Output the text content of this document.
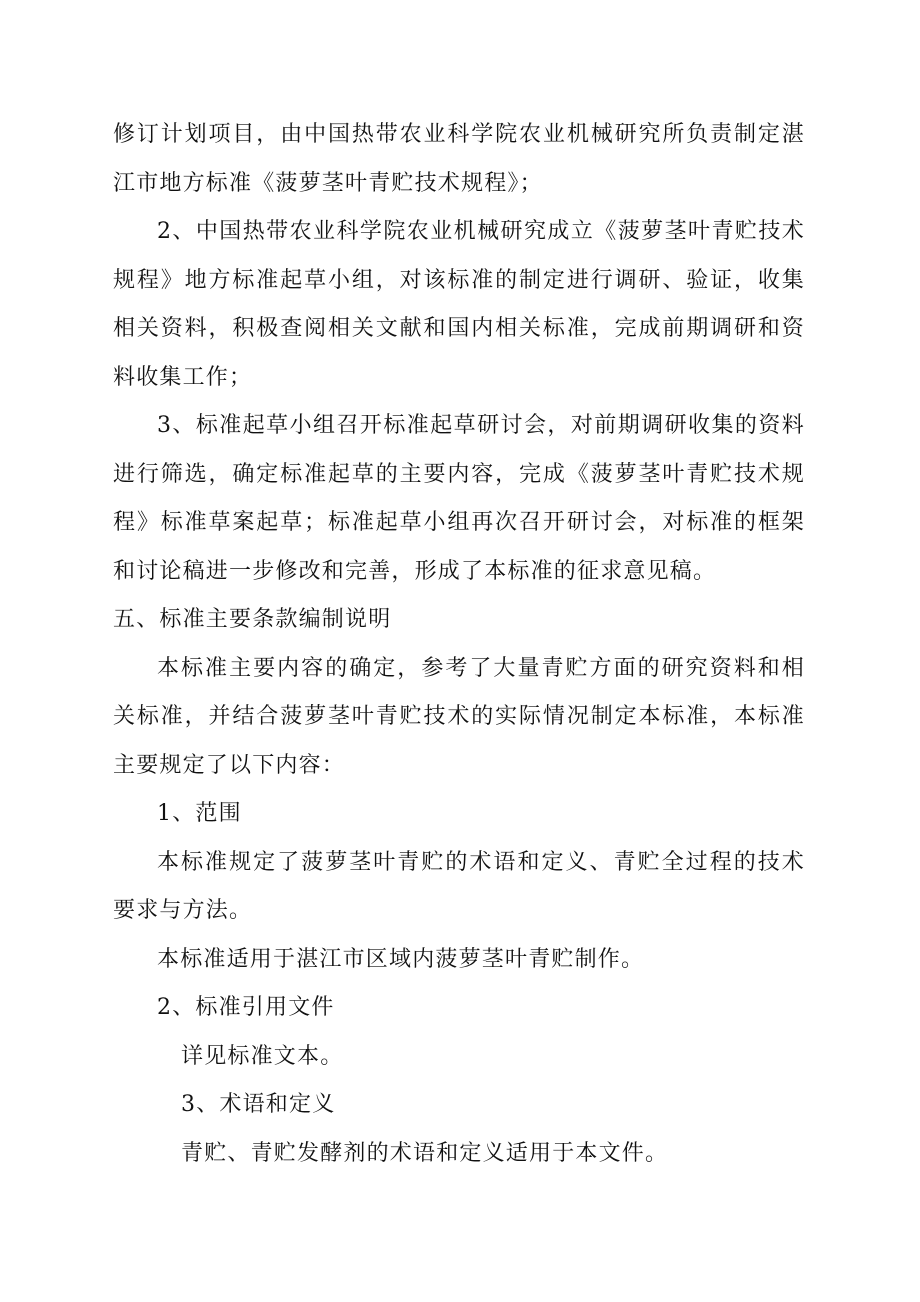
修订计划项目，由中国热带农业科学院农业机械研究所负责制定湛江市地方标准《菠萝茎叶青贮技术规程》；

2、中国热带农业科学院农业机械研究成立《菠萝茎叶青贮技术规程》地方标准起草小组，对该标准的制定进行调研、验证，收集相关资料，积极查阅相关文献和国内相关标准，完成前期调研和资料收集工作；

3、标准起草小组召开标准起草研讨会，对前期调研收集的资料进行筛选，确定标准起草的主要内容，完成《菠萝茎叶青贮技术规程》标准草案起草；标准起草小组再次召开研讨会，对标准的框架和讨论稿进一步修改和完善，形成了本标准的征求意见稿。

五、标准主要条款编制说明

本标准主要内容的确定，参考了大量青贮方面的研究资料和相关标准，并结合菠萝茎叶青贮技术的实际情况制定本标准，本标准主要规定了以下内容：

1、范围

本标准规定了菠萝茎叶青贮的术语和定义、青贮全过程的技术要求与方法。

本标准适用于湛江市区域内菠萝茎叶青贮制作。

2、标准引用文件

详见标准文本。

3、术语和定义

青贮、青贮发酵剂的术语和定义适用于本文件。
